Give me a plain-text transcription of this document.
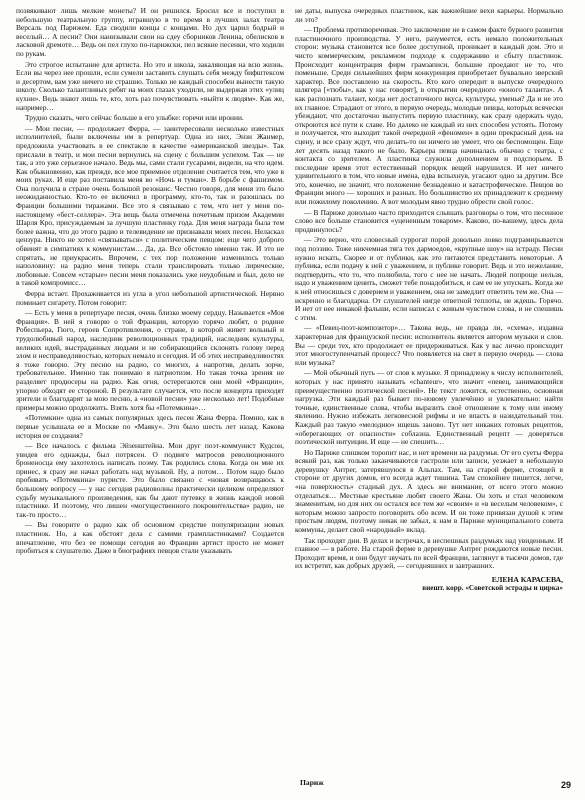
позвякивают лишь мелкие монеты? И он решился. Бросил все и поступил в небольшую театральную группу, игравшую в то время в лучших залах театра Версаль под Парижем. Еда сводили концы с концами. Но дух царил бодрый и веселый… А песни? Они нанизывали свои на сдеу сборников Ленина, обелисков в ласковой дремоте… Ведь он пел глухо по-парижски, пел всякие песенки, что ходили по рукам.

Это строгое испытание для артиста. Но это и школа, закаляющая на всю жизнь. Если вы через нее прошли, если сумели заставить слушать себя между бифштексом и десертом, вам уже ничего не страшно. Только не каждый способен вынести такую школу. Сколько талантливых ребят на моих глазах уходили, не выдержав этих «улиц кухни». Ведь знают лишь те, кто, хоть раз почувствовать «выйти к людям». Как же, например…

Трудно сказать, чего сейчас больше в его улыбке: горечи или иронии.

— Мои песни, — продолжает Ферра, — заинтересовали несколько известных исполнителей, были включены им в репертуар. Одна из них, Энзи Жанмер, предложила участвовать в ее спектакле в качестве «американской звезды». Так прислали в театр, и мои песни вернулись на сцену с большим успехом. Так — не так, а это уже серьезное начало. Ведь мы, сами стали гусарами, видели, на что идем. Как обыкновенно, как прежде, все мое приемное отделение считается тем, что уже в моих руках. И еще раз поставила меня во «Ночь и туман». В борьбе с фашизмом. Она получила в стране очень большой резонанс. Честно говоря, для меня это было неожиданностью. Кто-то ее включил в программу, кто-то, так и разошлась по Франции большими тиражами. Все это я связываю с тем, что нет у меня по-настоящему «бест-селлера». Эта вещь была отмечена почетным призом Академии Шарля Кро, присуждаемым за лучшую пластинку года. Для меня награда была тем более важна, что до этого радио и телевидение не признавали моих песен. Неласкал цензура. Никто не хотел «связываться» с политическим певцом: еще чего доброго обвинят в симпатиях к коммунистам… Да, да. Все обстояло именно так. И это не спрятать, не приукрасить. Впрочем, с тех пор положение изменилось только наполовину: на радио меня теперь стали транслировать только лирические, любовные. Совсем «старые» песни меня показались уже неудобным и был, дело не в такой компромисс…

Ферра встает. Прохаживается из угла в угол небольшой артистической. Нервно поминает сигарету. Потом говорит:

— Есть у меня в репертуаре песня, очень близко моему сердцу. Называется «Моя Франция». В ней я говорю о той Франции, которую горячо любят, о родине Робеспьера, Гюго, героев Сопротивления, о стране, в которой живет вольный и трудолюбивый народ, наследник революционных традиций, наследник культуры, великих идей, выстраданных людьми и не собирающийся склонять голову перед злом и несправедливостью, которых немало и сегодня. И об этих несправедливостях я тоже говорю. Эту песню на радио, со многих, а напротив, делать зорче, требовательнее. Именно так понимаю я патриотизм. Но такая точка зрения не разделяет продюсеры на радио. Как огня, остерегаются они моей «Франции», упорно обходят ее стороной. В результате случается, что после концерта приходят зрители и благодарят за мою песню, а «новой песни» уже несколько лет! Подобные примеры можно продолжить. Взять хотя бы «Потемкина»…

«Потемкин» одна из самых популярных здесь песен Жана Ферра. Помню, как в первые услышала ее в Москве по «Маяку». Это было шесть лет назад. Какова история ее создания?

— Все началось с фильма Эйзенштейна. Мои друг поэт-коммунист Кудсон, увидев его однажды, был потрясен. О подвиге матросов революционного броненосца ему захотелось написать поэму. Так родились слова. Когда он мне их принес, я сразу же начал работать над музыкой. Ну, а потом… Потом надо было пробивать «Потемкина» пуристе. Это было связано с «новая возвращаюсь к большому вопросу — у нас сегодня радиоволны практически целиком определяют судьбу музыкального произведения, как бы дают путевку в жизнь каждой новой пластинке. И поэтому, что лишен «могущественного покровительства» радио, не так-то просто…

— Вы говорите о радио как об основном средстве популяризации новых пластинок. Но, а как обстоят дела с самими грампластинками? Создается впечатление, что без ее помощи сегодня во Франции артист просто не может пробиться к слушателю. Даже в биографиях певцов стали указывать

не даты, выпуска очередных пластинок, как важнейшие вехи карьеры. Нормально ли это?

— Проблема противоречивая. Это заключение не в самом факте бурного развития пластиночного производства. У него, разумеется, есть немало положительных сторон: музыка становится все более доступной, проникает в каждый дом. Это и чисто коммерческим, рекламном подходе к содержанию и сбыту пластинок. Происходит концентрация фирм грамзаписи, большие проедают не то, что поменьше. Среди сильнейших фирм конкуренция приобретает буквально зверский характер. Все поставлено на скорость. Кто кого опередит в выпуске очередного шлягера [«тюбы», как у нас говорят], в открытии очередного «юного таланта». А как распознать талант, когда нет достаточного вкуса, культуры, уменья? Да и не это их главное. Страдают от этого, в первую очередь, молодые певцы, которых всячески убеждают, что достаточно выпустить первую пластинку, как сразу одержать чудо, откроются все пути к славе. Но далеко не каждый из них способен устоять. Потому и получается, что выходит такой очередной «феномен» в один прекрасный день на сцену, и все сразу ждут, что делать-то он ничего не умеет, что он беспомощен. Еще лет десять назад такого не было. Карьера певца начиналась обычно с театра, с контакта со зрителем. А пластинка служила дополнением и подспорьем. В последние время этот естественный порядок вещей нарушился. И нет ничего удивительного в том, что новые имена, едва вспыхнув, угасают одно за другим. Все это, конечно, не значит, что положение безнадежно и катастрофическое. Певцов во Франции много — хороших и разных. Но большинство их принадлежит к среднему или пожилому поколению. А вот молодым явно трудно обрести свой голос.

— В Париже довольно часто приходится слышать разговоры о том, что песенное слово все больше становится «уцененным товаром». Каково, по-вашему, здесь дела продвинулось?

— Это верно, что словесный суррогат порой довольно ловко подграмирывается под поэзию. Тоже никчемная тяга тех дармоедов, «крупные шоу» на эстраду. Песни нужно искать, Скорее и от публики, как это питаются представить некоторые. А публика, если подачу к ней с уважением, и публике говорит. Ведь и это нежелание, подтвердить, что то, что полюбила, того с нее не начать. Людей попроще нельзя, надо и уважением ценить, сможет тебе понадобиться, и сам ее не упускать. Когда же к ней относишься с доверием и уважением, она не замедлит ответить тем же. Она — искренно и благодарна. От слушателей нигде ответной теплоты, не ждешь. Горячо. И нет от нее никакой фальши, если написал с живым чувством слова, и не спешишь с этим.

— «Певец-поэт-композитор»… Такова ведь, не правда ли, «схема», издавна характерная для французской песни: исполнитель является автором музыки и слов. Вы — среди тех, кто продолжает ее придерживаться. Как у вас лично происходит этот многоступенчатый процесс? Что появляется на свет в первую очередь — слова или музыка?

— Мой обычный путь — от слов к музыке. Я принадлежу к числу исполнителей, которых у нас принято называть «chanteur», что значит «певец, занимающийся преимущественно поэтической песней». Не текст ложится, естественно, основная нагрузка. Эти каждый раз бывает по-новому увлечённо и увлекательно: найти точные, единственные слова, чтобы выразить своё отношение к тому или иному явлению. Нужно избежать легковесной рифмы и не впасть в назидательный тон. Каждый раз такую «мелодию» ищешь заново. Тут нет никаких готовых рецептов, «оберегающих от опасности» соблазна. Единственный рецепт — доверяться поэтической интуиции. И еще — не спешить…

Но Париже слишком торопит нас, и нет времени на раздумья. От его суеты Ферра всякий раз, как только заканчиваются гастроли или записи, уезжает в небольшую деревушку Антрег, затерявшуюся в Альпах. Там, на старой ферме, стоящей в стороне от других домов, его всегда ждет тишина. Там спокойнее пишется, легче, «на поверхность» стадный дух. А здесь же внимание, от всего этого можно отделаться… Местные крестьяне любят своего Жана. Он хоть и стал человеком знаменитым, но для них он остался все тем же «своим» и «в веселым человеком», с которым можно запросто поговорить обо всем. И он тоже привязан душой к этим простым людям, поэтому никак не забыл, к нам в Париже муниципального совета коммуны, делает свой «народный» вклад.

Так проходят дни. В делах и встречах, в неспешных раздумьях над увиденным. И главное — в работе. На старой ферме в деревушке Антрег рождаются новые песни. Проходит время, и они будут звучать по всей Франции, заглянут в тысячи домов, где их встретят, как добрых друзей, — сегодняшних и завтрашних.

ЕЛЕНА КАРАСЕВА,
внешт. корр. «Советской эстрады и цирка»
Париж	29
